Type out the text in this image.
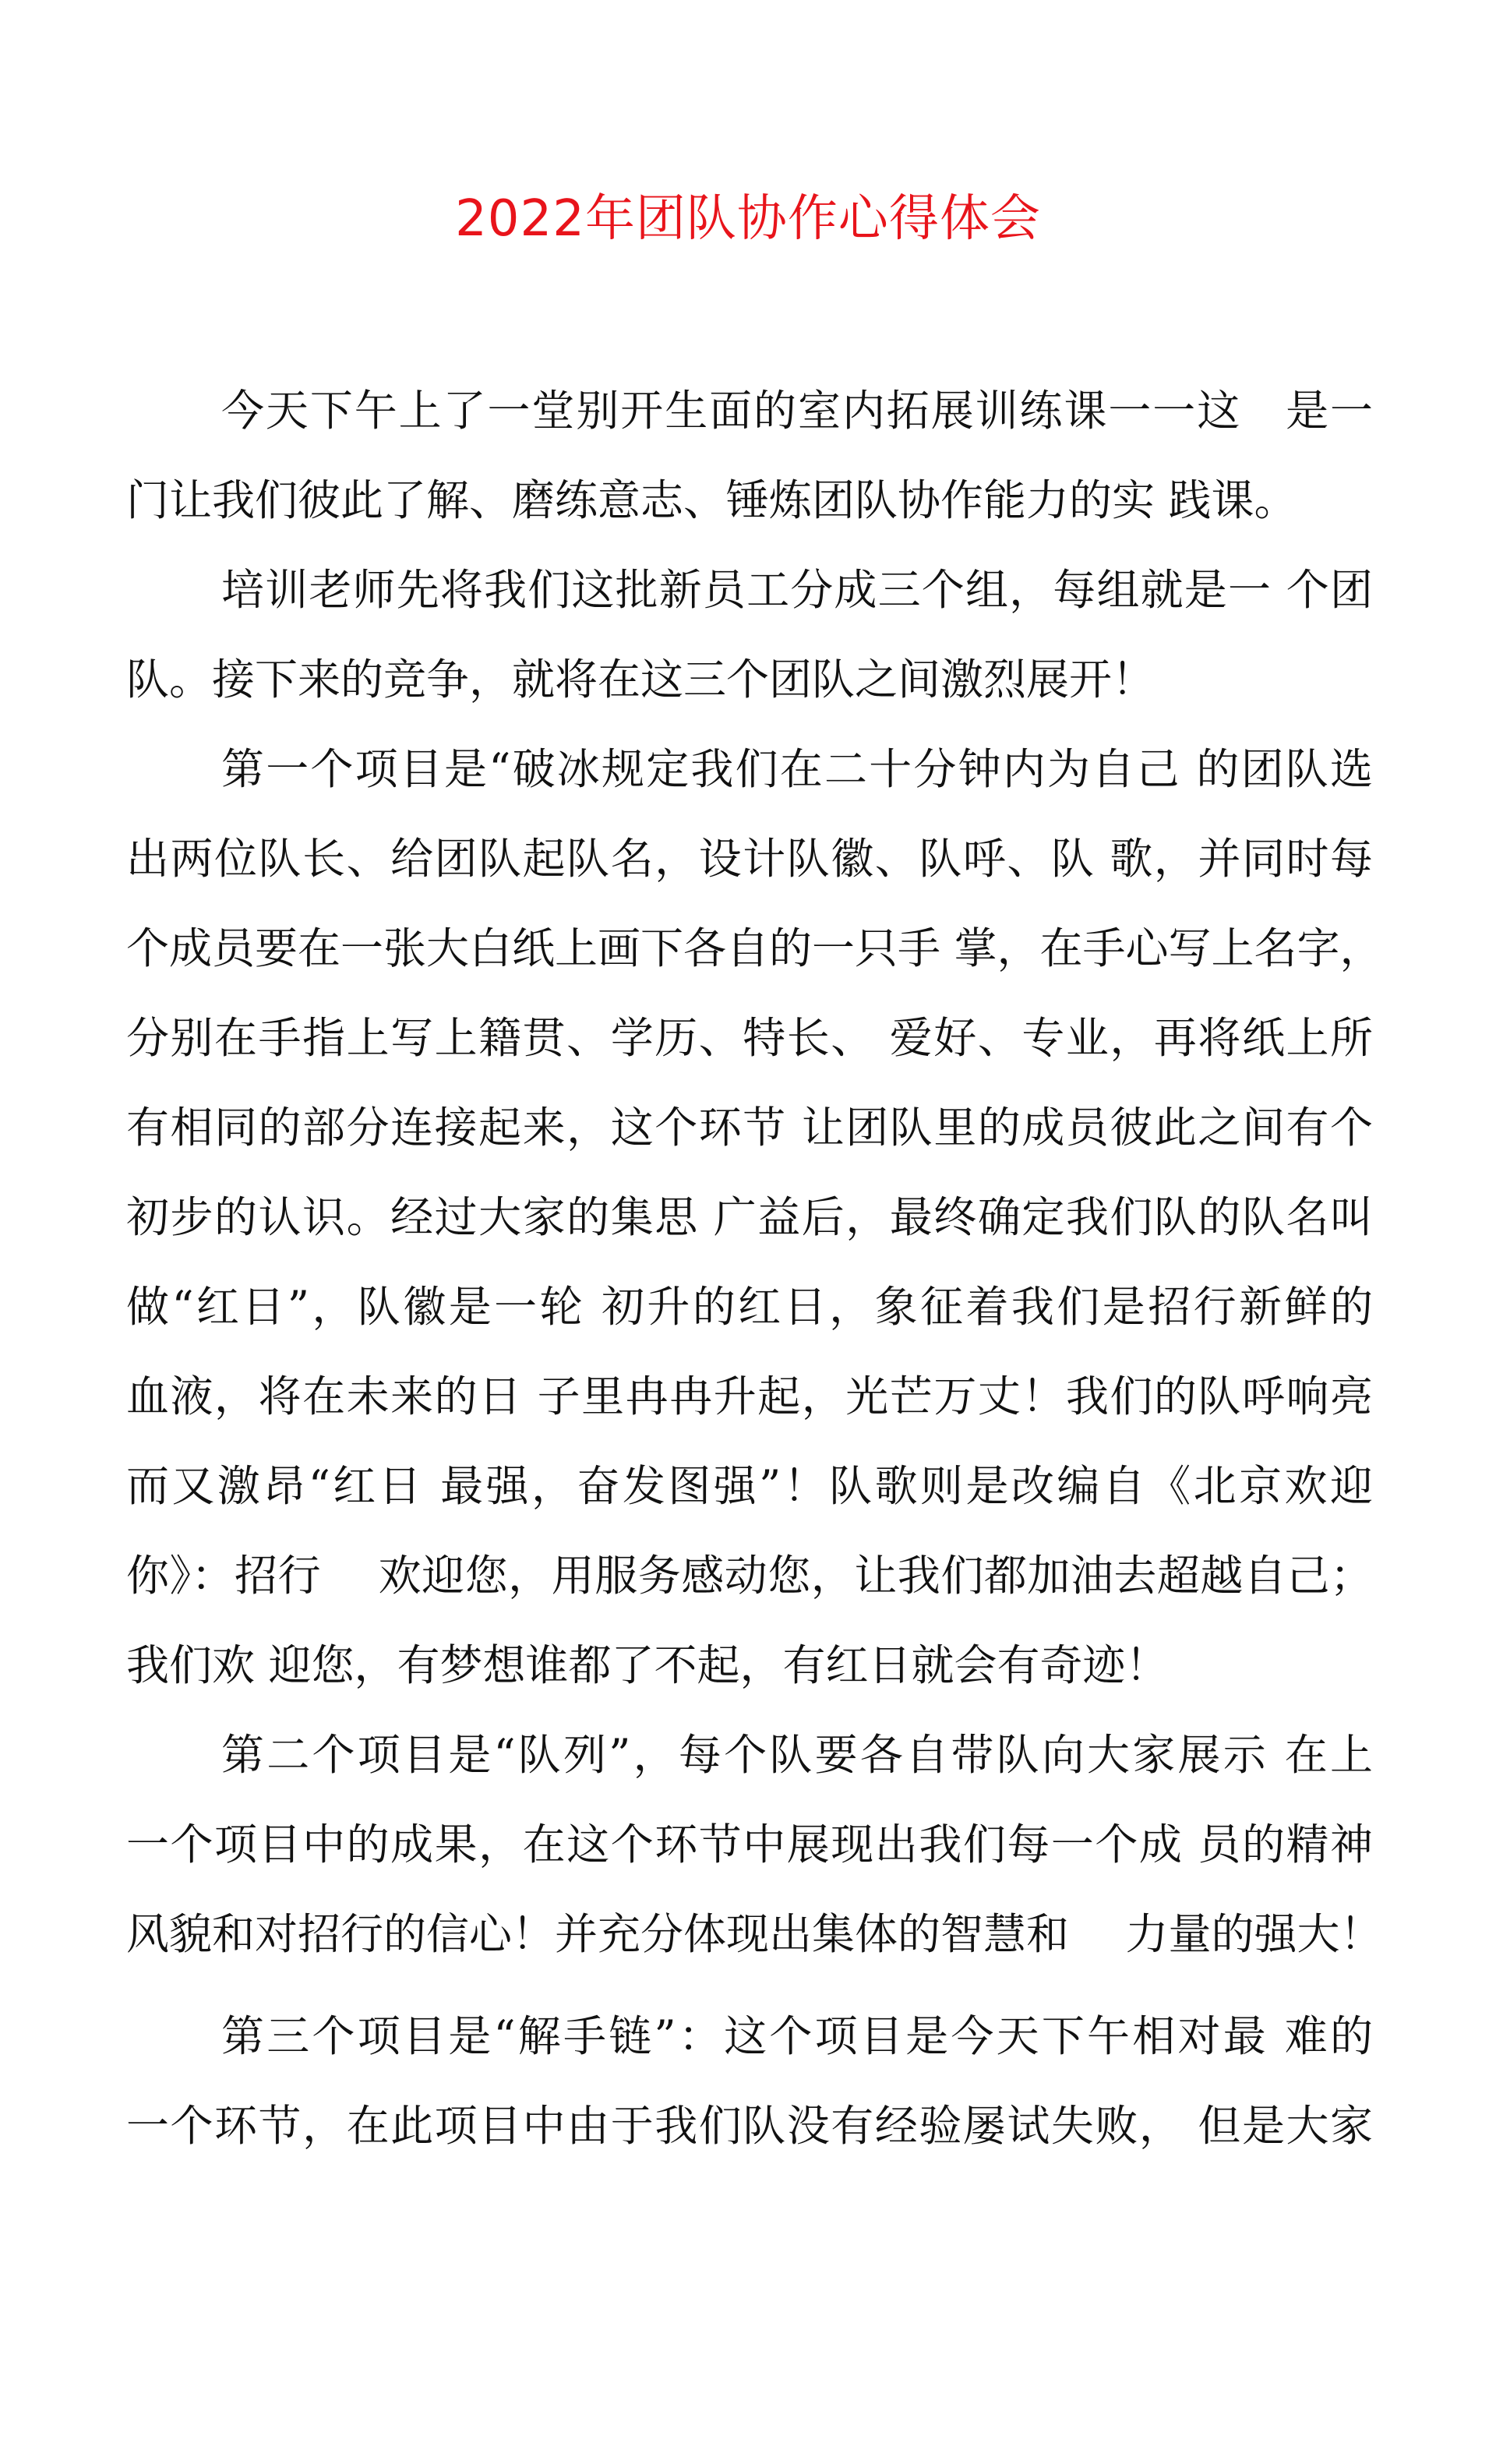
2022年团队协作心得体会
今天下午上了一堂别开生面的室内拓展训练课一一这　是一
门让我们彼此了解、磨练意志、锤炼团队协作能力的实 践课。
培训老师先将我们这批新员工分成三个组，每组就是一 个团
队。接下来的竞争，就将在这三个团队之间激烈展开！
第一个项目是“破冰规定我们在二十分钟内为自己 的团队选
出两位队长、给团队起队名，设计队徽、队呼、队 歌，并同时每
个成员要在一张大白纸上画下各自的一只手 掌，在手心写上名字，
分别在手指上写上籍贯、学历、特长、 爱好、专业，再将纸上所
有相同的部分连接起来，这个环节 让团队里的成员彼此之间有个
初步的认识。经过大家的集思 广益后，最终确定我们队的队名叫
做“红日”，队徽是一轮 初升的红日，象征着我们是招行新鲜的
血液，将在未来的日 子里冉冉升起，光芒万丈！我们的队呼响亮
而又激昂“红日 最强，奋发图强”！队歌则是改编自《北京欢迎
你》：招行　 欢迎您，用服务感动您，让我们都加油去超越自己；
我们欢 迎您，有梦想谁都了不起，有红日就会有奇迹！
第二个项目是“队列”，每个队要各自带队向大家展示 在上
一个项目中的成果，在这个环节中展现出我们每一个成 员的精神
风貌和对招行的信心！并充分体现出集体的智慧和　 力量的强大！
第三个项目是“解手链”：这个项目是今天下午相对最 难的
一个环节，在此项目中由于我们队没有经验屡试失败， 但是大家
